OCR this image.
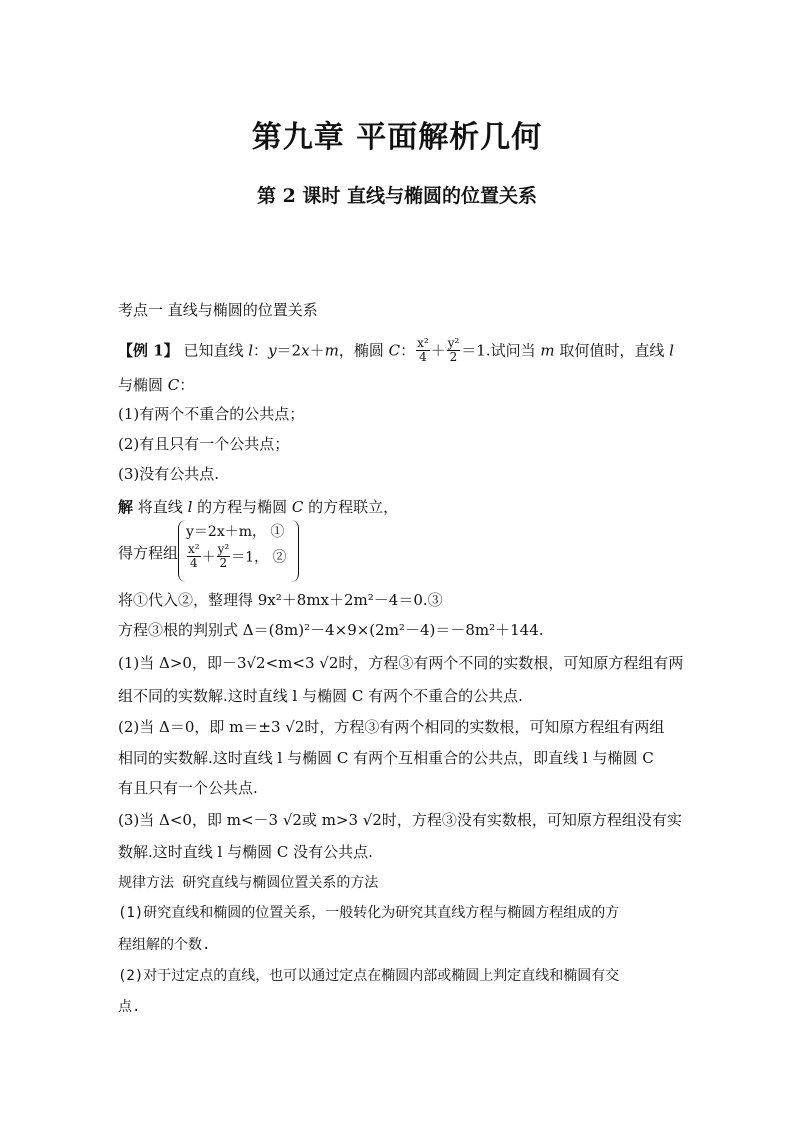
第九章 平面解析几何
第 2 课时 直线与椭圆的位置关系
考点一 直线与椭圆的位置关系
【例 1】 已知直线 l：y＝2x＋m，椭圆 C： $\frac{\text{x²}}{4} + \frac{\text{y²}}{2} =1$.试问当 m 取何值时，直线 l
与椭圆 C：
(1)有两个不重合的公共点；
(2)有且只有一个公共点；
(3)没有公共点.
解 将直线 l 的方程与椭圆 C 的方程联立，
得方程组
y＝2x＋m， ①
$\frac{\text{x²}}{4} + \frac{\text{y²}}{2} =1$， ②
将①代入②，整理得 9x²＋8mx＋2m²－4＝0.③
方程③根的判别式 Δ＝(8m)²－4×9×(2m²－4)＝－8m²＋144.
(1)当 Δ>0，即－3√2<m<3 √2时，方程③有两个不同的实数根，可知原方程组有两
组不同的实数解.这时直线 l 与椭圆 C 有两个不重合的公共点.
(2)当 Δ＝0，即 m＝±3 √2时，方程③有两个相同的实数根，可知原方程组有两组
相同的实数解.这时直线 l 与椭圆 C 有两个互相重合的公共点，即直线 l 与椭圆 C
有且只有一个公共点.
(3)当 Δ<0，即 m<－3 √2或 m>3 √2时，方程③没有实数根，可知原方程组没有实
数解.这时直线 l 与椭圆 C 没有公共点.
规律方法 研究直线与椭圆位置关系的方法
(1)研究直线和椭圆的位置关系，一般转化为研究其直线方程与椭圆方程组成的方
程组解的个数.
(2)对于过定点的直线，也可以通过定点在椭圆内部或椭圆上判定直线和椭圆有交
点.
